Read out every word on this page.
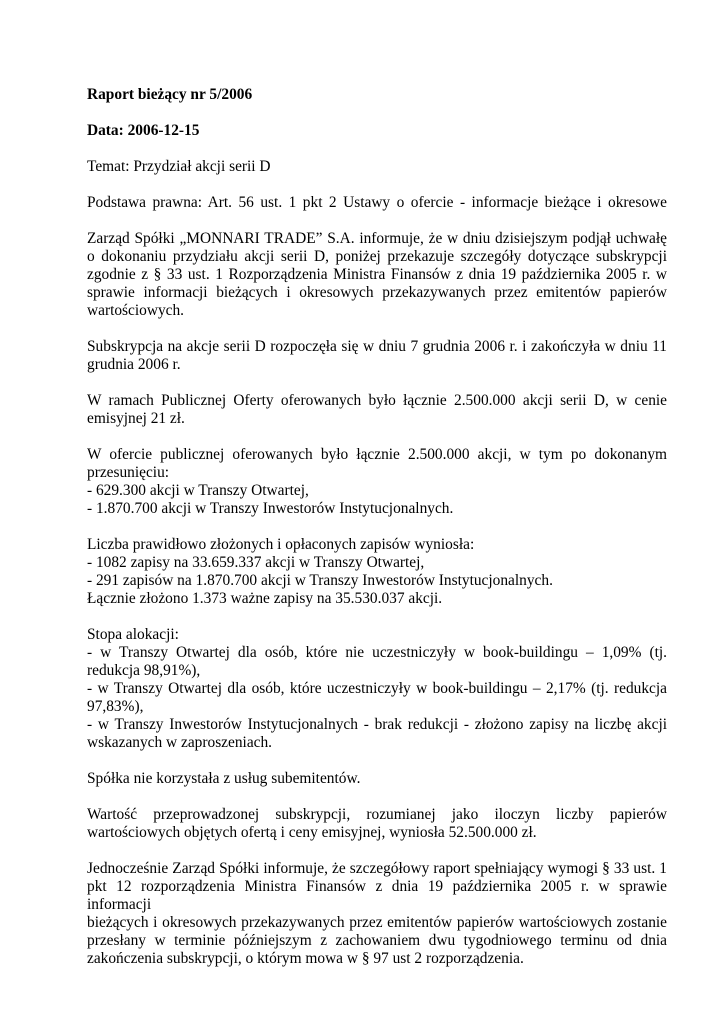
Raport bieżący nr 5/2006

Data: 2006-12-15

Temat: Przydział akcji serii D

Podstawa prawna: Art. 56 ust. 1 pkt 2 Ustawy o ofercie - informacje bieżące i okresowe

Zarząd Spółki „MONNARI TRADE” S.A. informuje, że w dniu dzisiejszym podjął uchwałę
o dokonaniu przydziału akcji serii D, poniżej przekazuje szczegóły dotyczące subskrypcji
zgodnie z § 33 ust. 1 Rozporządzenia Ministra Finansów z dnia 19 października 2005 r. w
sprawie informacji bieżących i okresowych przekazywanych przez emitentów papierów
wartościowych.

Subskrypcja na akcje serii D rozpoczęła się w dniu 7 grudnia 2006 r. i zakończyła w dniu 11
grudnia 2006 r.

W ramach Publicznej Oferty oferowanych było łącznie 2.500.000 akcji serii D, w cenie
emisyjnej 21 zł.

W ofercie publicznej oferowanych było łącznie 2.500.000 akcji, w tym po dokonanym
przesunięciu:
- 629.300 akcji w Transzy Otwartej,
- 1.870.700 akcji w Transzy Inwestorów Instytucjonalnych.

Liczba prawidłowo złożonych i opłaconych zapisów wyniosła:
- 1082 zapisy na 33.659.337 akcji w Transzy Otwartej,
- 291 zapisów na 1.870.700 akcji w Transzy Inwestorów Instytucjonalnych.
Łącznie złożono 1.373 ważne zapisy na 35.530.037 akcji.

Stopa alokacji:
- w Transzy Otwartej dla osób, które nie uczestniczyły w book-buildingu – 1,09% (tj.
redukcja 98,91%),
- w Transzy Otwartej dla osób, które uczestniczyły w book-buildingu – 2,17% (tj. redukcja
97,83%),
- w Transzy Inwestorów Instytucjonalnych - brak redukcji - złożono zapisy na liczbę akcji
wskazanych w zaproszeniach.

Spółka nie korzystała z usług subemitentów.

Wartość przeprowadzonej subskrypcji, rozumianej jako iloczyn liczby papierów
wartościowych objętych ofertą i ceny emisyjnej, wyniosła 52.500.000 zł.

Jednocześnie Zarząd Spółki informuje, że szczegółowy raport spełniający wymogi § 33 ust. 1
pkt 12 rozporządzenia Ministra Finansów z dnia 19 października 2005 r. w sprawie informacji
bieżących i okresowych przekazywanych przez emitentów papierów wartościowych zostanie
przesłany w terminie późniejszym z zachowaniem dwu tygodniowego terminu od dnia
zakończenia subskrypcji, o którym mowa w § 97 ust 2 rozporządzenia.
